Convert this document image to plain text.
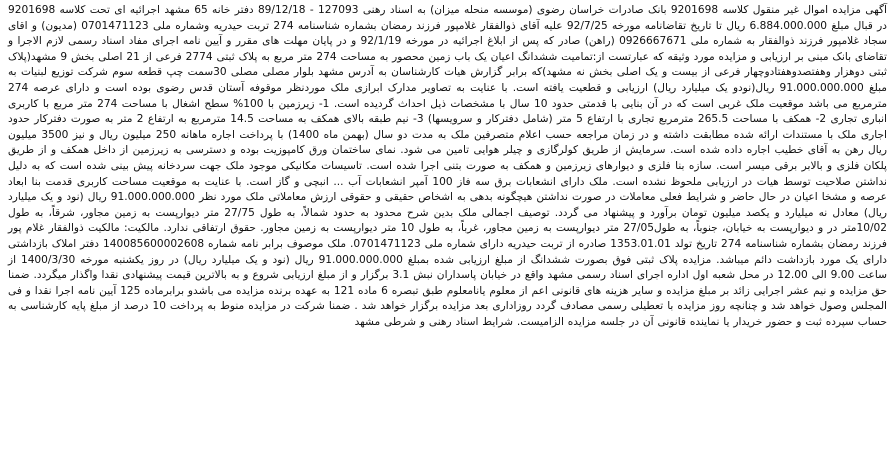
آگهی مزایده اموال غیر منقول کلاسه 9201698 بانک صادرات خراسان رضوی (موسسه منحله میزان) به اسناد رهنی 127093 - 89/12/18 دفتر خانه 65 مشهد اجرائیه ای تحت کلاسه 9201698 در قبال مبلغ 6.884.000.000 ریال تا تاریخ تقاضانامه مورخه 92/7/25 علیه آقای ذوالفقار غلامپور فرزند رمضان بشماره شناسنامه 274 تربت حیدریه وشماره ملی 0701471123 (مدیون) و اقای سجاد غلامپور فرزند ذوالفقار به شماره ملی 0926667671 (راهن) صادر که پس از ابلاغ اجرائیه در مورخه 92/1/19 و در پایان مهلت های مقرر و آیین نامه اجرای مفاد اسناد رسمی لازم الاجرا و تقاضای بانک مبنی بر ارزیابی و مزایده مورد وثیقه که عبارتست از:تمامیت ششدانگ اعیان یک باب زمین محصور به مساحت 274 متر مربع به پلاک ثبتی 2774 فرعی از 21 اصلی بخش 9 مشهد(پلاک ثبتی دوهزار وهفتصدوهفتادوچهار فرعی از بیست و یک اصلی بخش نه مشهد)که برابر گزارش هیات کارشناسان به آدرس مشهد بلوار مصلی مصلی 30سمت چپ قطعه سوم شرکت توزیع لبنیات به مبلغ 91.000.000.000 ریال(نودو یک میلیارد ریال) ارزیابی و قطعیت یافته است. با عنایت به تصاویر مدارک ابرازی ملک موردنظر موقوفه آستان قدس رضوی بوده است و دارای عرصه 274 مترمربع می باشد موقعیت ملک غربی است که در آن بنایی با قدمتی حدود 10 سال با مشخصات ذیل احداث گردیده است. 1- زیرزمین با 100% سطح اشغال با مساحت 274 متر مربع با کاربری انباری تجاری 2- همکف با مساحت 265.5 مترمربع تجاری با ارتفاع 5 متر (شامل دفترکار و سرویسها) 3- نیم طبقه بالای همکف به مساحت 14.5 مترمربع به ارتفاع 2 متر به صورت دفترکار حدود اجاری ملک با مستندات ارائه شده مطابقت داشته و در زمان مراجعه حسب اعلام متصرفین ملک به مدت دو سال (بهمن ماه 1400) با پرداخت اجاره ماهانه 250 میلیون ریال و نیز 3500 میلیون ریال رهن به آقای خطیب اجاره داده شده است. سرمایش از طریق کولرگازی و چیلر هوایی تامین می شود. نمای ساختمان ورق کامپوزیت بوده و دسترسی به زیرزمین از داخل همکف و از طریق پلکان فلزی و بالابر برقی میسر است. سازه بنا فلزی و دیوارهای زیرزمین و همکف به صورت بتنی اجرا شده است. تاسیسات مکانیکی موجود ملک جهت سردخانه پیش بینی شده است که به دلیل نداشتن صلاحیت توسط هیات در ارزیابی ملحوظ نشده است. ملک دارای انشعابات برق سه فاز 100 آمپر انشعابات آب ... انبچی و گاز است. با عنایت به موقعیت مساحت کاربری قدمت بنا ابعاد عرصه و مشخا اعیان در حال حاضر و شرایط فعلی معاملات در صورت نداشتن هیچگونه بدهی به اشخاص حقیقی و حقوقی ارزش معاملاتی ملک مورد نظر 91.000.000.000 ریال (نود و یک میلیارد ریال) معادل نه میلیارد و یکصد میلیون تومان برآورد و پیشنهاد می گردد. توصیف اجمالی ملک بدین شرح محدود به حدود شمالاً، به طول 27/75 متر دیوارپست به زمین مجاور، شرقاً، به طول 10/02متر در و دیوارپست به خیابان، جنوباً، به طول27/05 متر دیوارپست به زمین مجاور، غرباً، به طول 10 متر دیوارپست به زمین مجاور. حقوق ارتفاقی ندارد. مالکیت: مالکیت ذوالفقار غلام پور فرزند رمضان بشماره شناسنامه 274 تاریخ تولد 1353.01.01 صادره از تربت حیدریه دارای شماره ملی 0701471123. ملک موصوف برابر نامه شماره 140085600002608 دفتر املاک بازداشتی دارای یک مورد بازداشت دائم میباشد. مزایده پلاک ثبتی فوق بصورت ششدانگ از مبلغ ارزیابی شده بمبلغ 91.000.000.000 ریال (نود و یک میلیارد ریال) در روز یکشنبه مورخه 1400/3/30 از ساعت 9.00 الی 12.00 در محل شعبه اول اداره اجرای اسناد رسمی مشهد واقع در خیابان پاسداران نبش 3.1 برگزار و از مبلغ ارزیابی شروع و به بالاترین قیمت پیشنهادی نقدا واگذار میگردد. ضمنا حق مزایده و نیم عشر اجرایی زائد بر مبلغ مزایده و سایر هزینه های قانونی اعم از معلوم یانامعلوم طبق تبصره 6 ماده 121 به عهده برنده مزایده می باشدو برابرماده 125 آیین نامه اجرا نقدا و فی المجلس وصول خواهد شد و چنانچه روز مزایده با تعطیلی رسمی مصادف گردد روزاداری بعد مزایده برگزار خواهد شد . ضمنا شرکت در مزایده منوط به پرداخت 10 درصد از مبلغ پایه کارشناسی به حساب سپرده ثبت و حضور خریدار یا نماینده قانونی آن در جلسه مزایده الزامیست. شرایط اسناد رهنی و شرطی مشهد
